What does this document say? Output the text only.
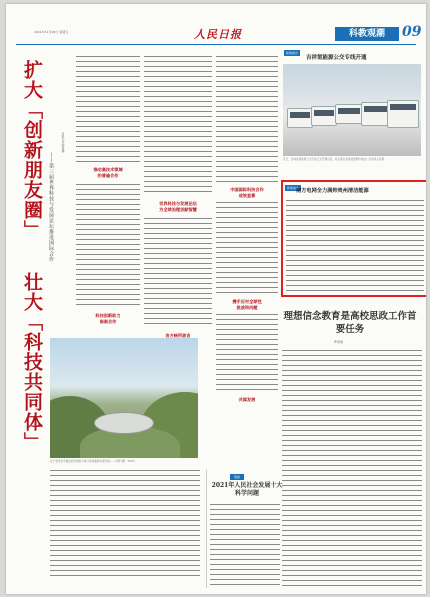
2021年11月26日 星期五	人民日报	科教观潮	09
扩大「创新朋友圈」 ——第三届世界科技与发展论坛推进国际合作
壮大「科技共同体」
本报记者 喻思婳
推动高技术领域
的普遍合作
世界科技与发展论坛
为全球治理贡献智慧
科技创新助力
南南合作
中国国际科技合作
成效显著
携手应对全球性
挑战和问题
新闻看台
吉祥氢能源公交专线开通
近日，吉林省氢能源公交专线正式开通运营，标志着全省首批氢燃料电池公交车投入使用。
新闻看台
南方电网全力满帅贵州清洁能源
理想信念教育是高校思政工作首要任务
罗荣渠
位于贵州省平塘县的世界最大单口径球面射电望远镜——中国天眼（FAST）。
链接
2021年人民社会发展十大科学问题
各方畅所欲言
共谋发展
